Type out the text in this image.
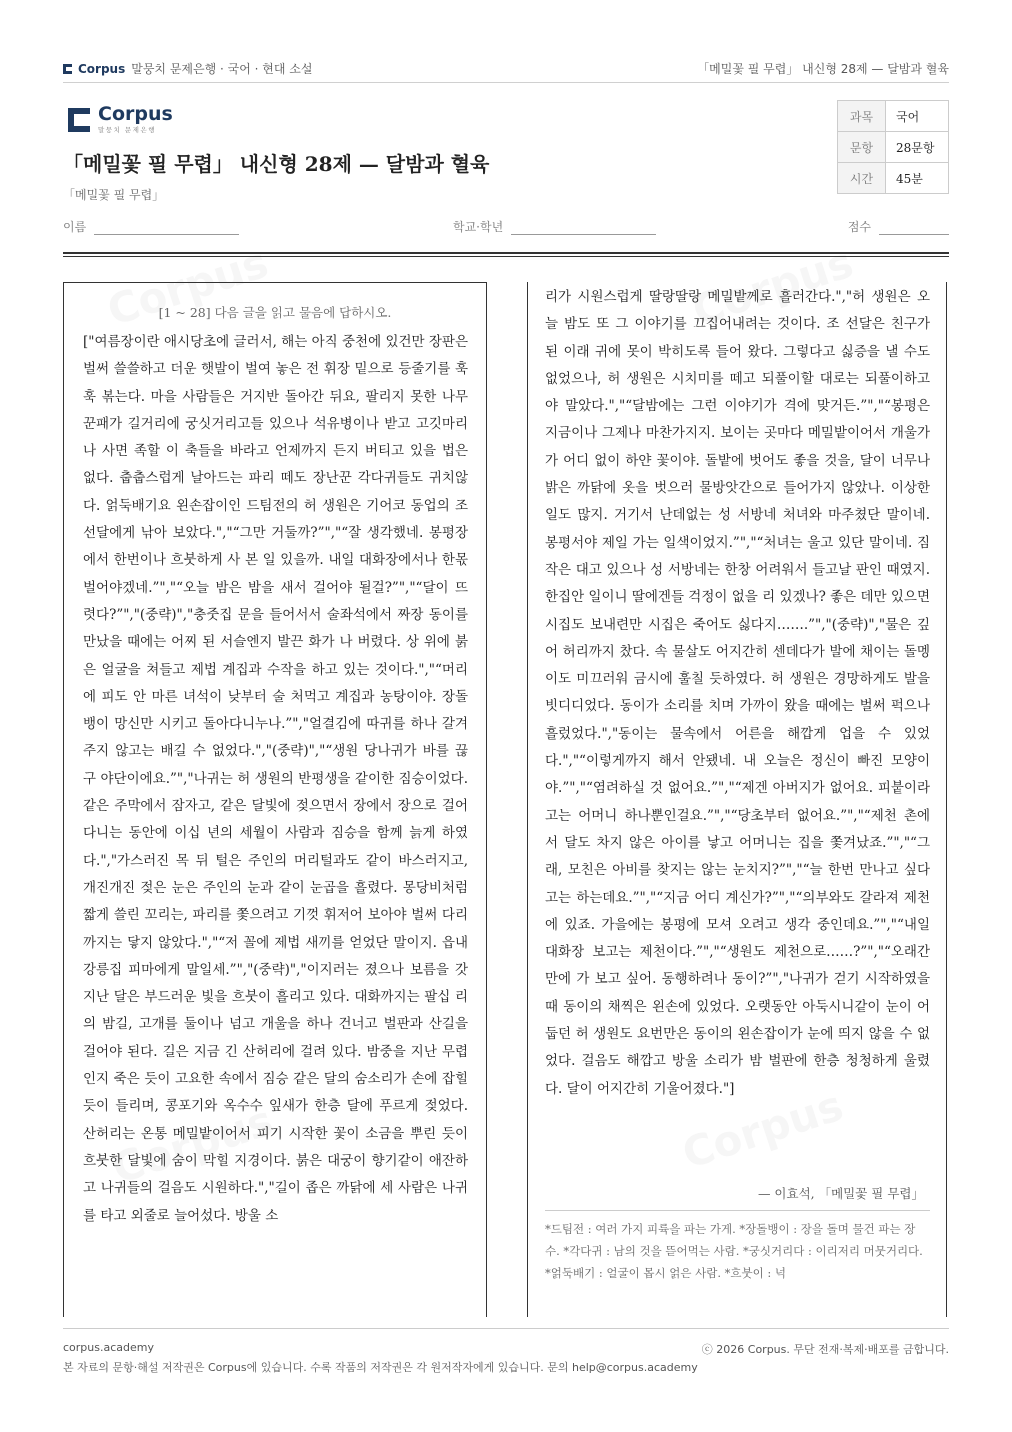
Corpus 말뭉치 문제은행 · 국어 · 현대 소설	「메밀꽃 필 무렵」 내신형 28제 — 달밤과 혈육
Corpus
말뭉치 문제은행
「메밀꽃 필 무렵」 내신형 28제 — 달밤과 혈육
「메밀꽃 필 무렵」
과목	국어
문항	28문항
시간	45분
이름	학교·학년	점수
[1 ~ 28] 다음 글을 읽고 물음에 답하시오.
["여름장이란 애시당초에 글러서, 해는 아직 중천에 있건만 장판은 벌써 쓸쓸하고 더운 햇발이 벌여 놓은 전 휘장 밑으로 등줄기를 훅훅 볶는다. 마을 사람들은 거지반 돌아간 뒤요, 팔리지 못한 나무꾼패가 길거리에 궁싯거리고들 있으나 석유병이나 받고 고깃마리나 사면 족할 이 축들을 바라고 언제까지 든지 버티고 있을 법은 없다. 춥춥스럽게 날아드는 파리 떼도 장난꾼 각다귀들도 귀치않다. 얽둑배기요 왼손잡이인 드팀전의 허 생원은 기어코 동업의 조 선달에게 낚아 보았다.","“그만 거둘까?”","“잘 생각했네. 봉평장에서 한번이나 흐붓하게 사 본 일 있을까. 내일 대화장에서나 한몫 벌어야겠네.”","“오늘 밤은 밤을 새서 걸어야 될걸?”","“달이 뜨렷다?”","(중략)","충줏집 문을 들어서서 술좌석에서 짜장 동이를 만났을 때에는 어찌 된 서슬엔지 발끈 화가 나 버렸다. 상 위에 붉은 얼굴을 쳐들고 제법 계집과 수작을 하고 있는 것이다.","“머리에 피도 안 마른 녀석이 낮부터 술 처먹고 계집과 농탕이야. 장돌뱅이 망신만 시키고 돌아다니누나.”","얼결김에 따귀를 하나 갈겨 주지 않고는 배길 수 없었다.","(중략)","“생원 당나귀가 바를 끊구 야단이에요.”","나귀는 허 생원의 반평생을 같이한 짐승이었다. 같은 주막에서 잠자고, 같은 달빛에 젖으면서 장에서 장으로 걸어 다니는 동안에 이십 년의 세월이 사람과 짐승을 함께 늙게 하였다.","가스러진 목 뒤 털은 주인의 머리털과도 같이 바스러지고, 개진개진 젖은 눈은 주인의 눈과 같이 눈곱을 흘렸다. 몽당비처럼 짧게 쓸린 꼬리는, 파리를 쫓으려고 기껏 휘저어 보아야 벌써 다리까지는 닿지 않았다.","“저 꼴에 제법 새끼를 얻었단 말이지. 읍내 강릉집 피마에게 말일세.”","(중략)","이지러는 졌으나 보름을 갓 지난 달은 부드러운 빛을 흐붓이 흘리고 있다. 대화까지는 팔십 리의 밤길, 고개를 둘이나 넘고 개울을 하나 건너고 벌판과 산길을 걸어야 된다. 길은 지금 긴 산허리에 걸려 있다. 밤중을 지난 무렵인지 죽은 듯이 고요한 속에서 짐승 같은 달의 숨소리가 손에 잡힐 듯이 들리며, 콩포기와 옥수수 잎새가 한층 달에 푸르게 젖었다. 산허리는 온통 메밀밭이어서 피기 시작한 꽃이 소금을 뿌린 듯이 흐붓한 달빛에 숨이 막힐 지경이다. 붉은 대궁이 향기같이 애잔하고 나귀들의 걸음도 시원하다.","길이 좁은 까닭에 세 사람은 나귀를 타고 외줄로 늘어섰다. 방울 소
리가 시원스럽게 딸랑딸랑 메밀밭께로 흘러간다.","허 생원은 오늘 밤도 또 그 이야기를 끄집어내려는 것이다. 조 선달은 친구가 된 이래 귀에 못이 박히도록 들어 왔다. 그렇다고 싫증을 낼 수도 없었으나, 허 생원은 시치미를 떼고 되풀이할 대로는 되풀이하고야 말았다.","“달밤에는 그런 이야기가 격에 맞거든.”","“봉평은 지금이나 그제나 마찬가지지. 보이는 곳마다 메밀밭이어서 개울가가 어디 없이 하얀 꽃이야. 돌밭에 벗어도 좋을 것을, 달이 너무나 밝은 까닭에 옷을 벗으러 물방앗간으로 들어가지 않았나. 이상한 일도 많지. 거기서 난데없는 성 서방네 처녀와 마주쳤단 말이네. 봉평서야 제일 가는 일색이었지.”","“처녀는 울고 있단 말이네. 짐작은 대고 있으나 성 서방네는 한창 어려워서 들고날 판인 때였지. 한집안 일이니 딸에겐들 걱정이 없을 리 있겠나? 좋은 데만 있으면 시집도 보내련만 시집은 죽어도 싫다지…….”","(중략)","물은 깊어 허리까지 찼다. 속 물살도 어지간히 센데다가 발에 채이는 돌멩이도 미끄러워 금시에 훌칠 듯하였다. 허 생원은 경망하게도 발을 빗디디었다. 동이가 소리를 치며 가까이 왔을 때에는 벌써 퍽으나 흘렀었다.","동이는 물속에서 어른을 해깝게 업을 수 있었다.","“이렇게까지 해서 안됐네. 내 오늘은 정신이 빠진 모양이야.”","“염려하실 것 없어요.”","“제겐 아버지가 없어요. 피붙이라고는 어머니 하나뿐인걸요.”","“당초부터 없어요.”","“제천 촌에서 달도 차지 않은 아이를 낳고 어머니는 집을 쫓겨났죠.”","“그래, 모친은 아비를 찾지는 않는 눈치지?”","“늘 한번 만나고 싶다고는 하는데요.”","“지금 어디 계신가?”","“의부와도 갈라져 제천에 있죠. 가을에는 봉평에 모셔 오려고 생각 중인데요.”","“내일 대화장 보고는 제천이다.”","“생원도 제천으로……?”","“오래간만에 가 보고 싶어. 동행하려나 동이?”","나귀가 걷기 시작하였을 때 동이의 채찍은 왼손에 있었다. 오랫동안 아둑시니같이 눈이 어둡던 허 생원도 요번만은 동이의 왼손잡이가 눈에 띄지 않을 수 없었다. 걸음도 해깝고 방울 소리가 밤 벌판에 한층 청청하게 울렸다. 달이 어지간히 기울어졌다."]
— 이효석, 「메밀꽃 필 무렵」
*드팀전 : 여러 가지 피륙을 파는 가게. *장돌뱅이 : 장을 돌며 물건 파는 장수. *각다귀 : 남의 것을 뜯어먹는 사람. *궁싯거리다 : 이리저리 머뭇거리다. *얽둑배기 : 얼굴이 몹시 얽은 사람. *흐붓이 : 넉
corpus.academy	ⓒ 2026 Corpus. 무단 전재·복제·배포를 금합니다.
본 자료의 문항·해설 저작권은 Corpus에 있습니다. 수록 작품의 저작권은 각 원저작자에게 있습니다. 문의 help@corpus.academy
